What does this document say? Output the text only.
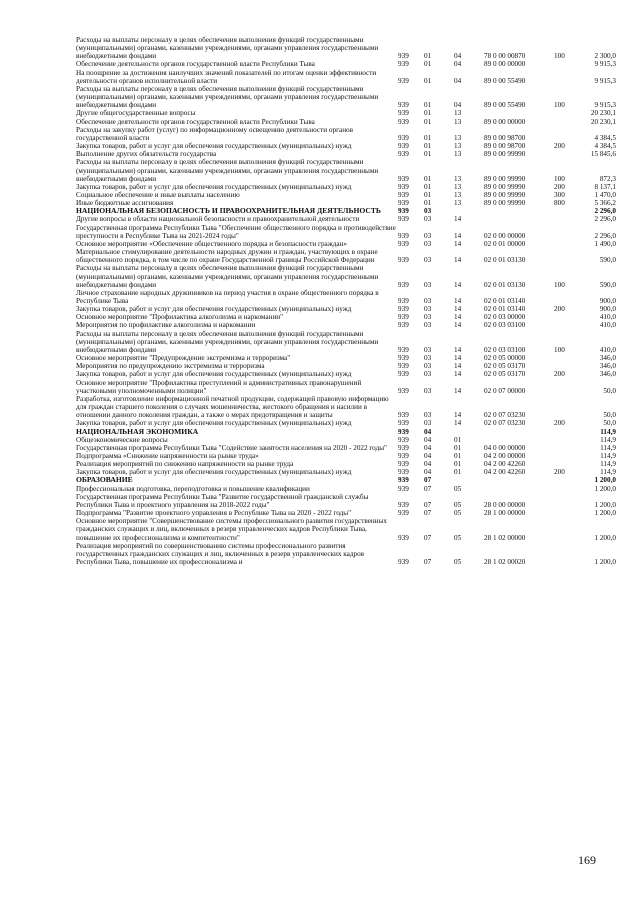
Расходы на выплаты персоналу в целях обеспечения выполнения функций государственными (муниципальными) органами, казенными учреждениями, органами управления государственными внебюджетными фондами	939	01	04	78 0 00 00870	100	2 300,0
Обеспечение деятельности органов государственной власти Республики Тыва	939	01	04	89 0 00 00000		9 915,3
На поощрение за достижения наилучших значений показателей по итогам оценки эффективности деятельности органов исполнительной власти	939	01	04	89 0 00 55490		9 915,3
Расходы на выплаты персоналу в целях обеспечения выполнения функций государственными (муниципальными) органами, казенными учреждениями, органами управления государственными внебюджетными фондами	939	01	04	89 0 00 55490	100	9 915,3
Другие общегосударственные вопросы	939	01	13			20 230,1
Обеспечение деятельности органов государственной власти Республики Тыва	939	01	13	89 0 00 00000		20 230,1
Расходы на закупку работ (услуг) по информационному освещению деятельности органов государственной власти	939	01	13	89 0 00 98700		4 384,5
Закупка товаров, работ и услуг для обеспечения государственных (муниципальных) нужд	939	01	13	89 0 00 98700	200	4 384,5
Выполнение других обязательств государства	939	01	13	89 0 00 99990		15 845,6
Расходы на выплаты персоналу в целях обеспечения выполнения функций государственными (муниципальными) органами, казенными учреждениями, органами управления государственными внебюджетными фондами	939	01	13	89 0 00 99990	100	872,3
Закупка товаров, работ и услуг для обеспечения государственных (муниципальных) нужд	939	01	13	89 0 00 99990	200	8 137,1
Социальное обеспечение и иные выплаты населению	939	01	13	89 0 00 99990	300	1 470,0
Иные бюджетные ассигнования	939	01	13	89 0 00 99990	800	5 366,2
НАЦИОНАЛЬНАЯ БЕЗОПАСНОСТЬ И ПРАВООХРАНИТЕЛЬНАЯ ДЕЯТЕЛЬНОСТЬ	939	03				2 296,0
Другие вопросы в области национальной безопасности и правоохранительной деятельности	939	03	14			2 296,0
Государственная программа Республики Тыва "Обеспечение общественного порядка и противодействие преступности в Республике Тыва на 2021-2024 годы"	939	03	14	02 0 00 00000		2 296,0
Основное мероприятие «Обеспечение общественного порядка и безопасности граждан»	939	03	14	02 0 01 00000		1 490,0
Материальное стимулирование деятельности народных дружин и граждан, участвующих в охране общественного порядка, в том числе по охране Государственной границы Российской Федерации	939	03	14	02 0 01 03130		590,0
Расходы на выплаты персоналу в целях обеспечения выполнения функций государственными (муниципальными) органами, казенными учреждениями, органами управления государственными внебюджетными фондами	939	03	14	02 0 01 03130	100	590,0
Личное страхование народных дружинников на период участия в охране общественного порядка в Республике Тыва	939	03	14	02 0 01 03140		900,0
Закупка товаров, работ и услуг для обеспечения государственных (муниципальных) нужд	939	03	14	02 0 01 03140	200	900,0
Основное мероприятие "Профилактика алкоголизма и наркомании"	939	03	14	02 0 03 00000		410,0
Мероприятия по профилактике алкоголизма и наркомании	939	03	14	02 0 03 03100		410,0
Расходы на выплаты персоналу в целях обеспечения выполнения функций государственными (муниципальными) органами, казенными учреждениями, органами управления государственными внебюджетными фондами	939	03	14	02 0 03 03100	100	410,0
Основное мероприятие "Предупреждение экстремизма и терроризма"	939	03	14	02 0 05 00000		346,0
Мероприятия по предупреждению экстремизма и терроризма	939	03	14	02 0 05 03170		346,0
Закупка товаров, работ и услуг для обеспечения государственных (муниципальных) нужд	939	03	14	02 0 05 03170	200	346,0
Основное мероприятие "Профилактика преступлений и административных правонарушений участковыми уполномоченными полиции"	939	03	14	02 0 07 00000		50,0
Разработка, изготовление информационной печатной продукции, содержащей правовую информацию для граждан старшего поколения о случаях мошенничества, жестокого обращения и насилии в отношении данного поколения граждан, а также о мерах предотвращения и защиты	939	03	14	02 0 07 03230		50,0
Закупка товаров, работ и услуг для обеспечения государственных (муниципальных) нужд	939	03	14	02 0 07 03230	200	50,0
НАЦИОНАЛЬНАЯ ЭКОНОМИКА	939	04				114,9
Общеэкономические вопросы	939	04	01			114,9
Государственная программа Республики Тыва "Содействие занятости населения на 2020 - 2022 годы"	939	04	01	04 0 00 00000		114,9
Подпрограмма «Снижение напряженности на рынке труда»	939	04	01	04 2 00 00000		114,9
Реализация мероприятий по снижению напряженности на рынке труда	939	04	01	04 2 00 42260		114,9
Закупка товаров, работ и услуг для обеспечения государственных (муниципальных) нужд	939	04	01	04 2 00 42260	200	114,9
ОБРАЗОВАНИЕ	939	07				1 200,0
Профессиональная подготовка, переподготовка и повышение квалификации	939	07	05			1 200,0
Государственная программа Республики Тыва "Развитие государственной гражданской службы Республики Тыва и проектного управления на 2018-2022 годы"	939	07	05	28 0 00 00000		1 200,0
Подпрограмма "Развитие проектного управления в Республике Тыва на 2020 - 2022 годы"	939	07	05	28 1 00 00000		1 200,0
Основное мероприятие "Совершенствование системы профессионального развития государственных гражданских служащих и лиц, включенных в резерв управленческих кадров Республики Тыва, повышение их профессионализма и компетентности"	939	07	05	28 1 02 00000		1 200,0
Реализация мероприятий по совершенствованию системы профессионального развития государственных гражданских служащих и лиц, включенных в резерв управленческих кадров Республики Тыва, повышение их профессионализма и	939	07	05	28 1 02 00020		1 200,0
169
